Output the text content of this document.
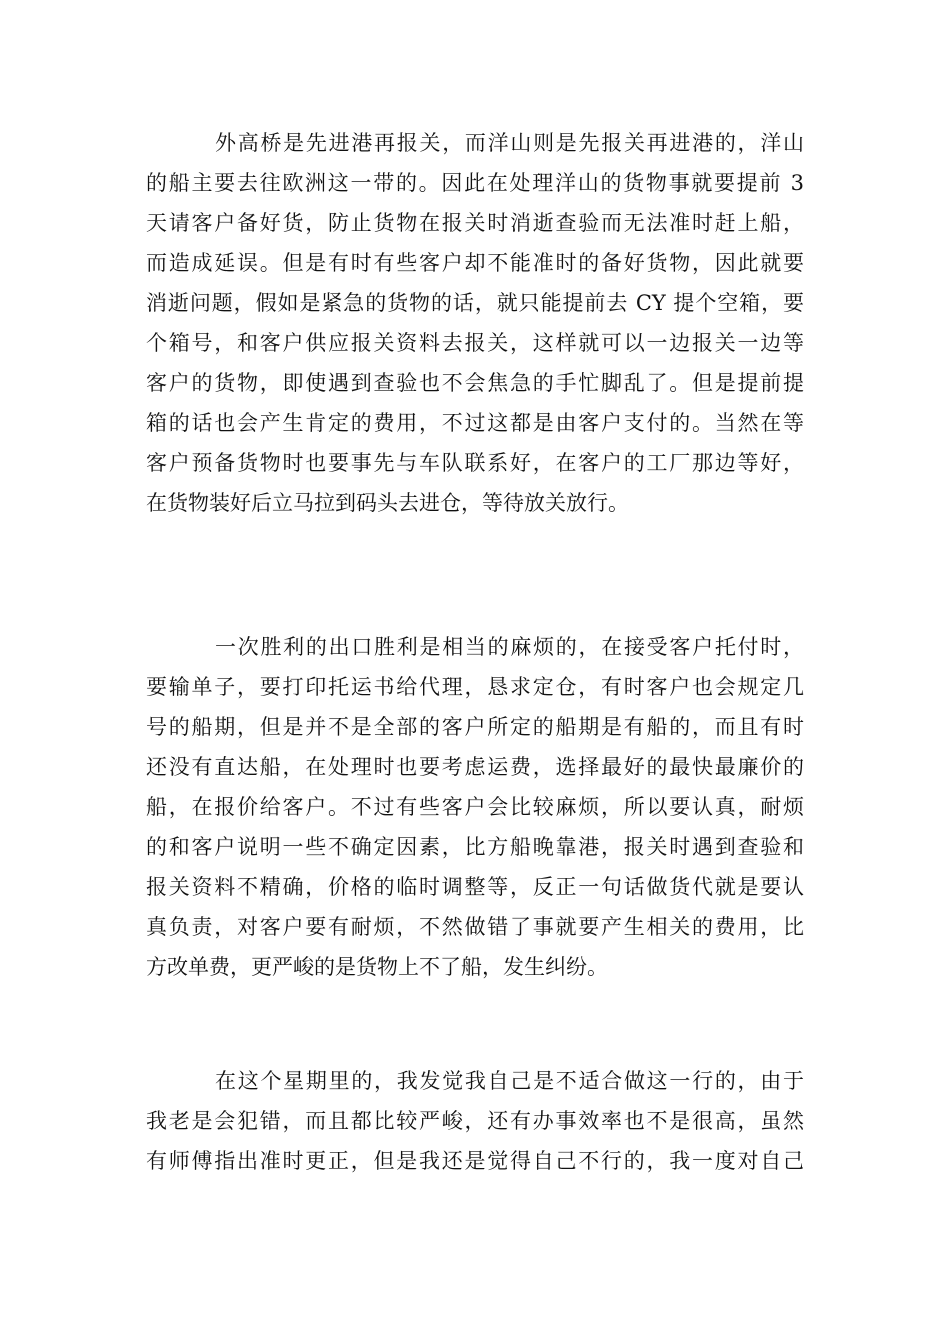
外高桥是先进港再报关，而洋山则是先报关再进港的，洋山
的船主要去往欧洲这一带的。因此在处理洋山的货物事就要提前 3
天请客户备好货，防止货物在报关时消逝查验而无法准时赶上船，
而造成延误。但是有时有些客户却不能准时的备好货物，因此就要
消逝问题，假如是紧急的货物的话，就只能提前去 CY 提个空箱，要
个箱号，和客户供应报关资料去报关，这样就可以一边报关一边等
客户的货物，即使遇到查验也不会焦急的手忙脚乱了。但是提前提
箱的话也会产生肯定的费用，不过这都是由客户支付的。当然在等
客户预备货物时也要事先与车队联系好，在客户的工厂那边等好，
在货物装好后立马拉到码头去进仓，等待放关放行。
一次胜利的出口胜利是相当的麻烦的，在接受客户托付时，
要输单子，要打印托运书给代理，恳求定仓，有时客户也会规定几
号的船期，但是并不是全部的客户所定的船期是有船的，而且有时
还没有直达船，在处理时也要考虑运费，选择最好的最快最廉价的
船，在报价给客户。不过有些客户会比较麻烦，所以要认真，耐烦
的和客户说明一些不确定因素，比方船晚靠港，报关时遇到查验和
报关资料不精确，价格的临时调整等，反正一句话做货代就是要认
真负责，对客户要有耐烦，不然做错了事就要产生相关的费用，比
方改单费，更严峻的是货物上不了船，发生纠纷。
在这个星期里的，我发觉我自己是不适合做这一行的，由于
我老是会犯错，而且都比较严峻，还有办事效率也不是很高，虽然
有师傅指出准时更正，但是我还是觉得自己不行的，我一度对自己
